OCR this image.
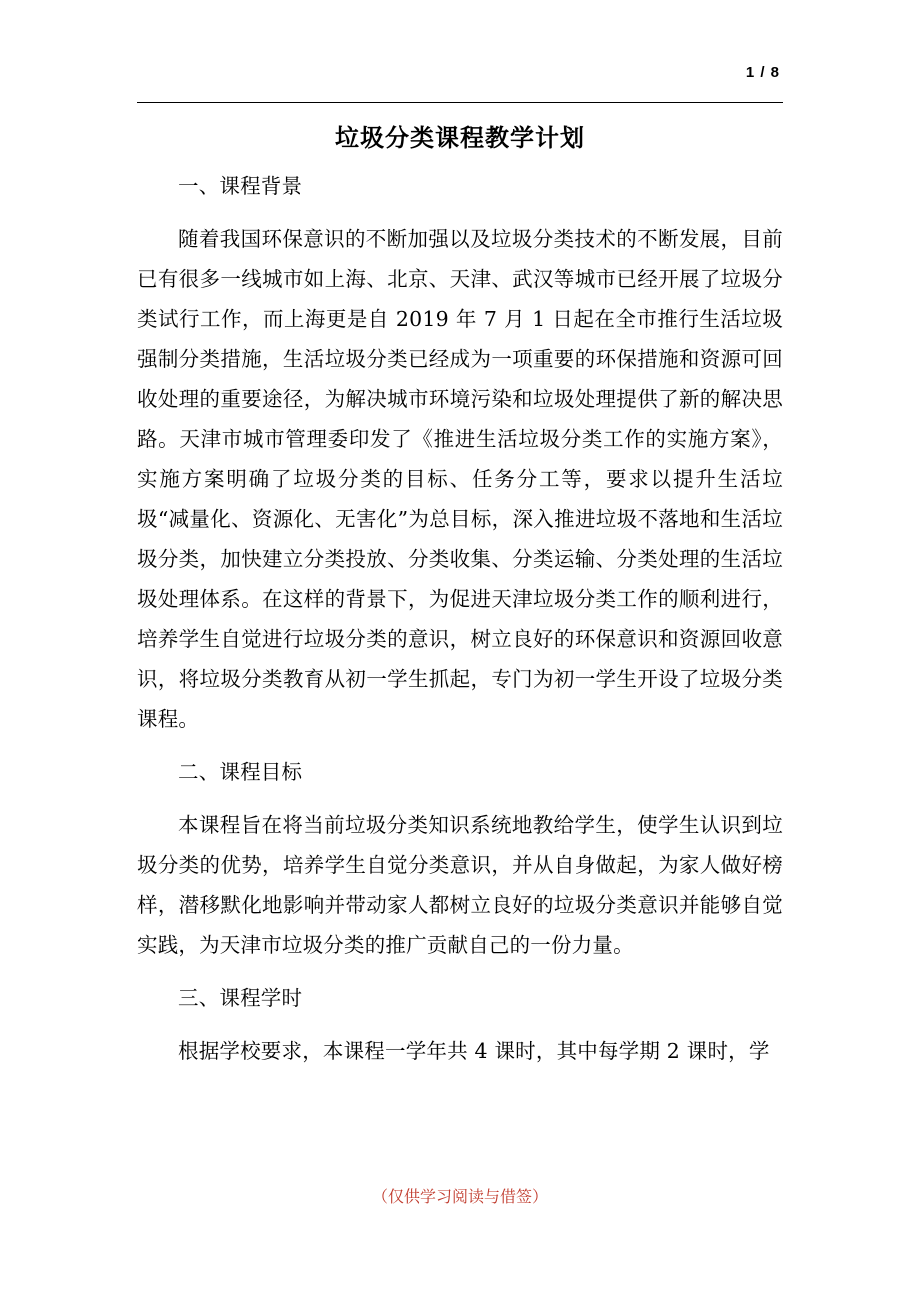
1 / 8
垃圾分类课程教学计划

一、课程背景

随着我国环保意识的不断加强以及垃圾分类技术的不断发展，目前已有很多一线城市如上海、北京、天津、武汉等城市已经开展了垃圾分类试行工作，而上海更是自 2019 年 7 月 1 日起在全市推行生活垃圾强制分类措施，生活垃圾分类已经成为一项重要的环保措施和资源可回收处理的重要途径，为解决城市环境污染和垃圾处理提供了新的解决思路。天津市城市管理委印发了《推进生活垃圾分类工作的实施方案》，实施方案明确了垃圾分类的目标、任务分工等，要求以提升生活垃圾“减量化、资源化、无害化”为总目标，深入推进垃圾不落地和生活垃圾分类，加快建立分类投放、分类收集、分类运输、分类处理的生活垃圾处理体系。在这样的背景下，为促进天津垃圾分类工作的顺利进行，培养学生自觉进行垃圾分类的意识，树立良好的环保意识和资源回收意识，将垃圾分类教育从初一学生抓起，专门为初一学生开设了垃圾分类课程。

二、课程目标

本课程旨在将当前垃圾分类知识系统地教给学生，使学生认识到垃圾分类的优势，培养学生自觉分类意识，并从自身做起，为家人做好榜样，潜移默化地影响并带动家人都树立良好的垃圾分类意识并能够自觉实践，为天津市垃圾分类的推广贡献自己的一份力量。

三、课程学时

根据学校要求，本课程一学年共 4 课时，其中每学期 2 课时，学

（仅供学习阅读与借签）
